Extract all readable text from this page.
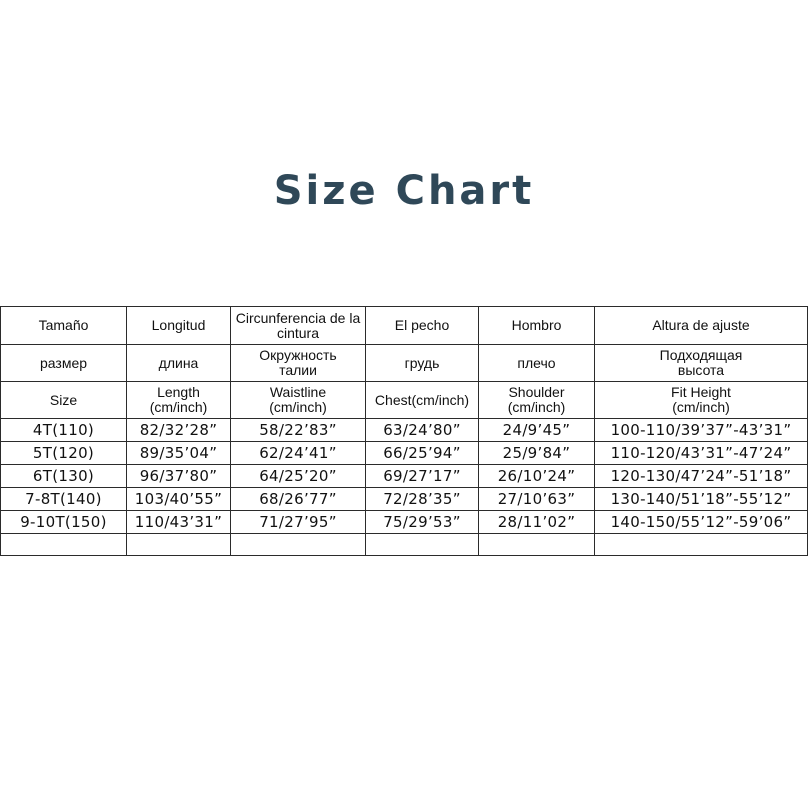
Size Chart
Tamaño	Longitud	Circunferencia de la cintura	El pecho	Hombro	Altura de ajuste
размер	длина	Окружность талии	грудь	плечо	Подходящая высота
Size	Length (cm/inch)	Waistline (cm/inch)	Chest(cm/inch)	Shoulder (cm/inch)	Fit Height (cm/inch)
4T(110)	82/32’28”	58/22’83”	63/24’80”	24/9’45”	100-110/39’37”-43’31”
5T(120)	89/35’04”	62/24’41”	66/25’94”	25/9’84”	110-120/43’31”-47’24”
6T(130)	96/37’80”	64/25’20”	69/27’17”	26/10’24”	120-130/47’24”-51’18”
7-8T(140)	103/40’55”	68/26’77”	72/28’35”	27/10’63”	130-140/51’18”-55’12”
9-10T(150)	110/43’31”	71/27’95”	75/29’53”	28/11’02”	140-150/55’12”-59’06”
